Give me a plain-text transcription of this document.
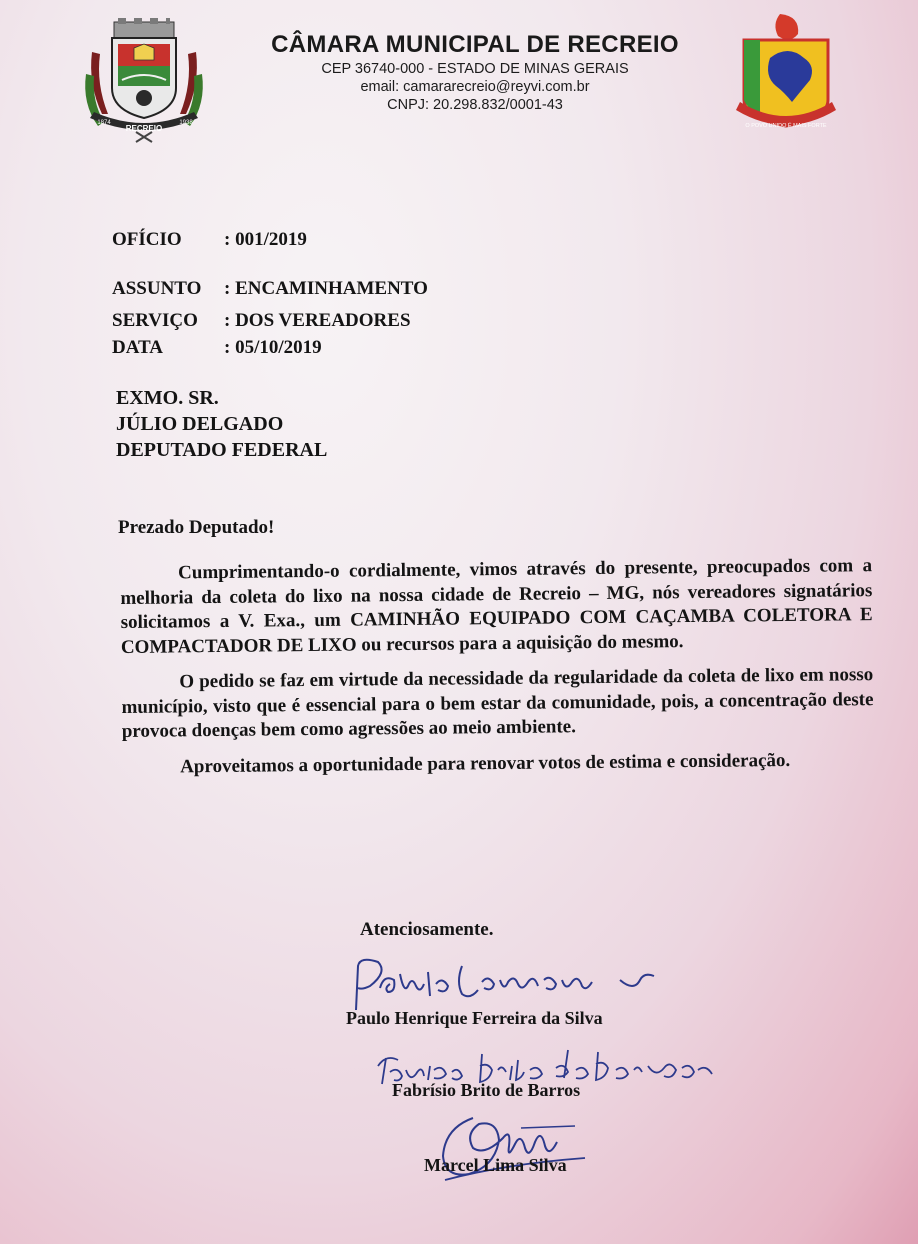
RECREIO
1874	1938
CÂMARA MUNICIPAL DE RECREIO
CEP 36740-000 - ESTADO DE MINAS GERAIS
email: camararecreio@reyvi.com.br
CNPJ: 20.298.832/0001-43
O POVO UNIDO É MAIS FORTE
OFÍCIO : 001/2019
ASSUNTO : ENCAMINHAMENTO
SERVIÇO : DOS VEREADORES
DATA	: 05/10/2019
EXMO. SR.
JÚLIO DELGADO
DEPUTADO FEDERAL
Prezado Deputado!

Cumprimentando-o cordialmente, vimos através do presente, preocupados com a melhoria da coleta do lixo na nossa cidade de Recreio – MG, nós vereadores signatários solicitamos a V. Exa., um CAMINHÃO EQUIPADO COM CAÇAMBA COLETORA E COMPACTADOR DE LIXO ou recursos para a aquisição do mesmo.

O pedido se faz em virtude da necessidade da regularidade da coleta de lixo em nosso município, visto que é essencial para o bem estar da comunidade, pois, a concentração deste provoca doenças bem como agressões ao meio ambiente.

Aproveitamos a oportunidade para renovar votos de estima e consideração.

Atenciosamente.
Paulo Henrique Ferreira da Silva
Fabrísio Brito de Barros
Marcel Lima Silva
